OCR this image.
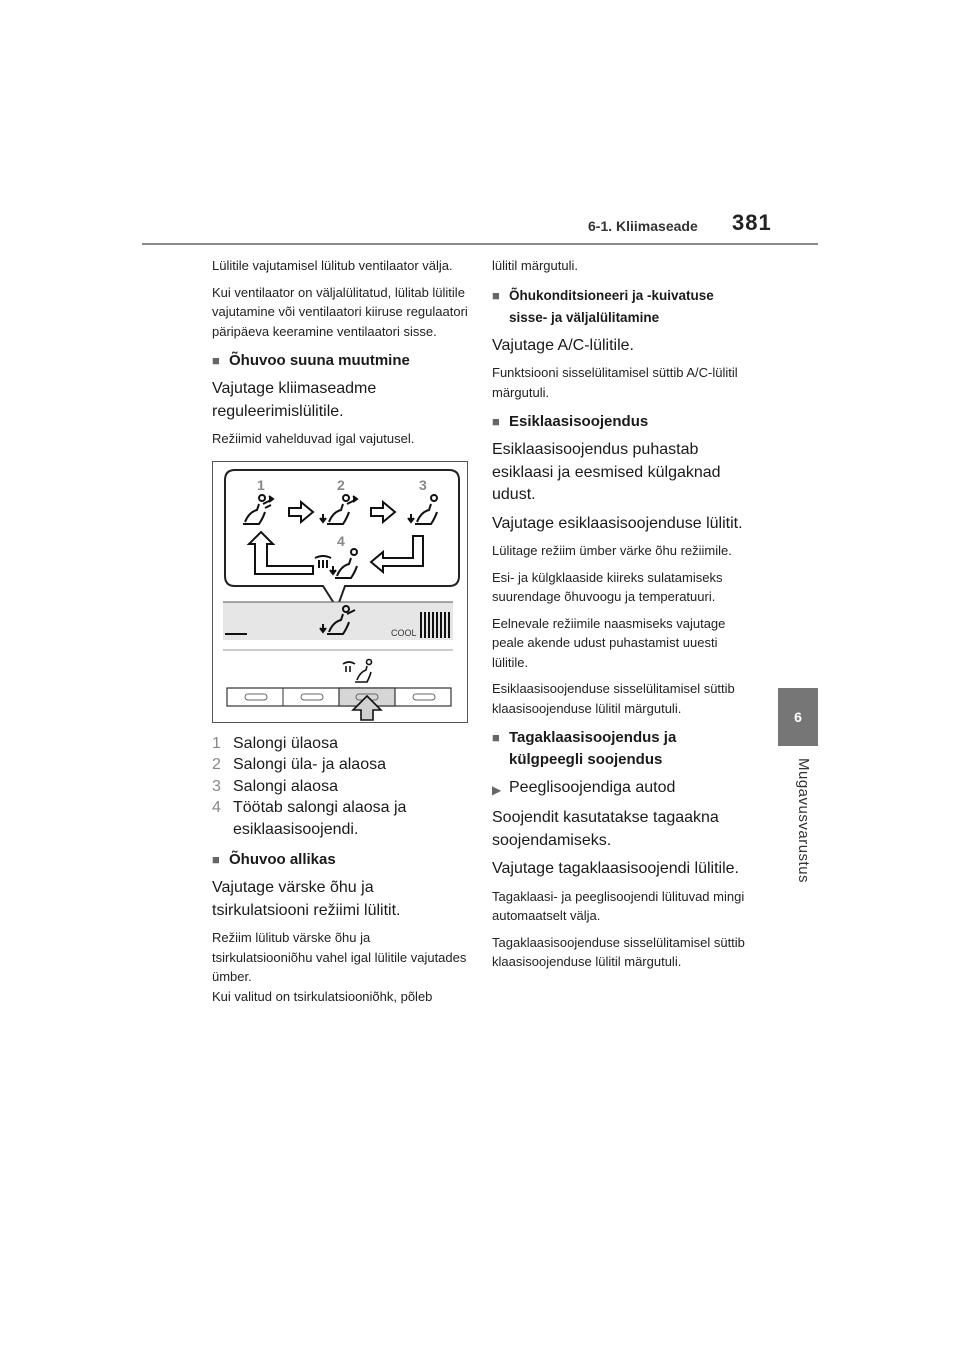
6-1. Kliimaseade 381
6
Mugavusvarustus

Lülitile vajutamisel lülitub ventilaator välja.

Kui ventilaator on väljalülitatud, lülitab lülitile vajutamine või ventilaatori kiiruse regulaatori päripäeva keeramine ventilaatori sisse.

■ Õhuvoo suuna muutmine

Vajutage kliimaseadme reguleerimislülitile.

Režiimid vahelduvad igal vajutusel.

1	2	3
4
COOL
1 Salongi ülaosa
2 Salongi üla- ja alaosa
3 Salongi alaosa
4 Töötab salongi alaosa ja esiklaasisoojendi.
■ Õhuvoo allikas

Vajutage värske õhu ja tsirkulatsiooni režiimi lülitit.

Režiim lülitub värske õhu ja tsirkulatsiooniõhu vahel igal lülitile vajutades ümber.

Kui valitud on tsirkulatsiooniõhk, põleb

lülitil märgutuli.

■ Õhukonditsioneeri ja -kuivatuse sisse- ja väljalülitamine

Vajutage A/C-lülitile.

Funktsiooni sisselülitamisel süttib A/C-lülitil märgutuli.

■ Esiklaasisoojendus

Esiklaasisoojendus puhastab esiklaasi ja eesmised külgaknad udust.

Vajutage esiklaasisoojenduse lülitit.

Lülitage režiim ümber värke õhu režiimile.

Esi- ja külgklaaside kiireks sulatamiseks suurendage õhuvoogu ja temperatuuri.

Eelnevale režiimile naasmiseks vajutage peale akende udust puhastamist uuesti lülitile.

Esiklaasisoojenduse sisselülitamisel süttib klaasisoojenduse lülitil märgutuli.

■ Tagaklaasisoojendus ja külgpeegli soojendus
▶ Peeglisoojendiga autod

Soojendit kasutatakse tagaakna soojendamiseks.

Vajutage tagaklaasisoojendi lülitile.

Tagaklaasi- ja peeglisoojendi lülituvad mingi automaatselt välja.

Tagaklaasisoojenduse sisselülitamisel süttib klaasisoojenduse lülitil märgutuli.
